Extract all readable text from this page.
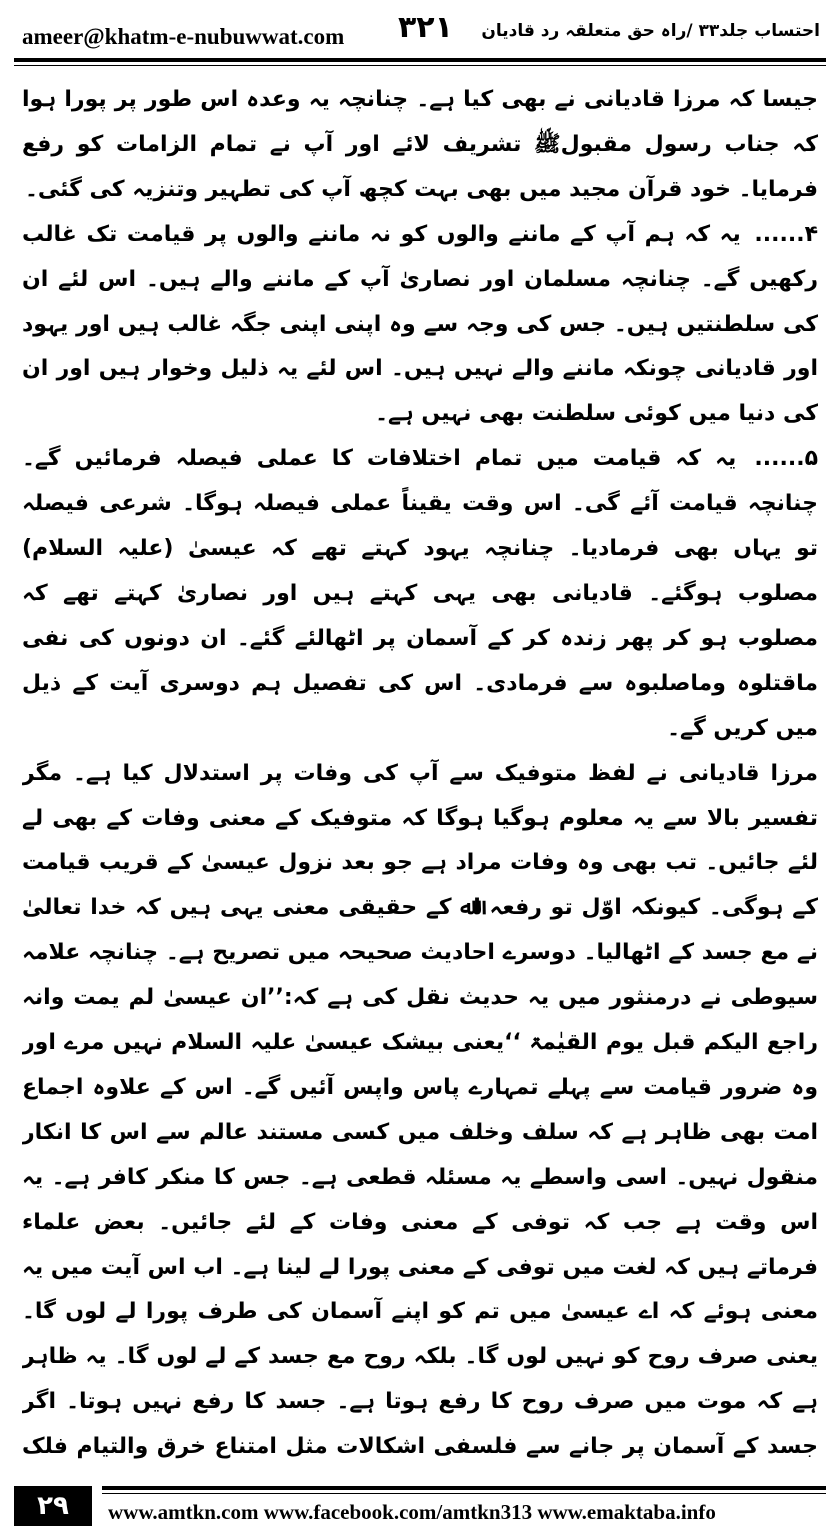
ameer@khatm-e-nubuwwat.com ۳۲۱ احتساب جلد۳۳ /راہ حق متعلقہ رد قادیان

جیسا کہ مرزا قادیانی نے بھی کیا ہے۔ چنانچہ یہ وعدہ اس طور پر پورا ہوا کہ جناب رسول مقبولﷺ تشریف لائے اور آپ نے تمام الزامات کو رفع فرمایا۔ خود قرآن مجید میں بھی بہت کچھ آپ کی تطہیر وتنزیہ کی گئی۔

۴...... یہ کہ ہم آپ کے ماننے والوں کو نہ ماننے والوں پر قیامت تک غالب رکھیں گے۔ چنانچہ مسلمان اور نصاریٰ آپ کے ماننے والے ہیں۔ اس لئے ان کی سلطنتیں ہیں۔ جس کی وجہ سے وہ اپنی اپنی جگہ غالب ہیں اور یہود اور قادیانی چونکہ ماننے والے نہیں ہیں۔ اس لئے یہ ذلیل وخوار ہیں اور ان کی دنیا میں کوئی سلطنت بھی نہیں ہے۔

۵...... یہ کہ قیامت میں تمام اختلافات کا عملی فیصلہ فرمائیں گے۔ چنانچہ قیامت آئے گی۔ اس وقت یقیناً عملی فیصلہ ہوگا۔ شرعی فیصلہ تو یہاں بھی فرمادیا۔ چنانچہ یہود کہتے تھے کہ عیسیٰ (علیہ السلام) مصلوب ہوگئے۔ قادیانی بھی یہی کہتے ہیں اور نصاریٰ کہتے تھے کہ مصلوب ہو کر پھر زندہ کر کے آسمان پر اٹھالئے گئے۔ ان دونوں کی نفی ماقتلوہ وماصلبوہ سے فرمادی۔ اس کی تفصیل ہم دوسری آیت کے ذیل میں کریں گے۔

مرزا قادیانی نے لفظ متوفیک سے آپ کی وفات پر استدلال کیا ہے۔ مگر تفسیر بالا سے یہ معلوم ہوگیا ہوگا کہ متوفیک کے معنی وفات کے بھی لے لئے جائیں۔ تب بھی وہ وفات مراد ہے جو بعد نزول عیسیٰ کے قریب قیامت کے ہوگی۔ کیونکہ اوّل تو رفعہ اﷲ کے حقیقی معنی یہی ہیں کہ خدا تعالیٰ نے مع جسد کے اٹھالیا۔ دوسرے احادیث صحیحہ میں تصریح ہے۔ چنانچہ علامہ سیوطی نے درمنثور میں یہ حدیث نقل کی ہے کہ:’’ان عیسیٰ لم یمت وانہ راجع الیکم قبل یوم القیٰمۃ ‘‘یعنی بیشک عیسیٰ علیہ السلام نہیں مرے اور وہ ضرور قیامت سے پہلے تمہارے پاس واپس آئیں گے۔ اس کے علاوہ اجماع امت بھی ظاہر ہے کہ سلف وخلف میں کسی مستند عالم سے اس کا انکار منقول نہیں۔ اسی واسطے یہ مسئلہ قطعی ہے۔ جس کا منکر کافر ہے۔ یہ اس وقت ہے جب کہ توفی کے معنی وفات کے لئے جائیں۔ بعض علماء فرماتے ہیں کہ لغت میں توفی کے معنی پورا لے لینا ہے۔ اب اس آیت میں یہ معنی ہوئے کہ اے عیسیٰ میں تم کو اپنے آسمان کی طرف پورا لے لوں گا۔ یعنی صرف روح کو نہیں لوں گا۔ بلکہ روح مع جسد کے لے لوں گا۔ یہ ظاہر ہے کہ موت میں صرف روح کا رفع ہوتا ہے۔ جسد کا رفع نہیں ہوتا۔ اگر جسد کے آسمان پر جانے سے فلسفی اشکالات مثل امتناع خرق والتیام فلک

۲۹	www.amtkn.com www.facebook.com/amtkn313 www.emaktaba.info
